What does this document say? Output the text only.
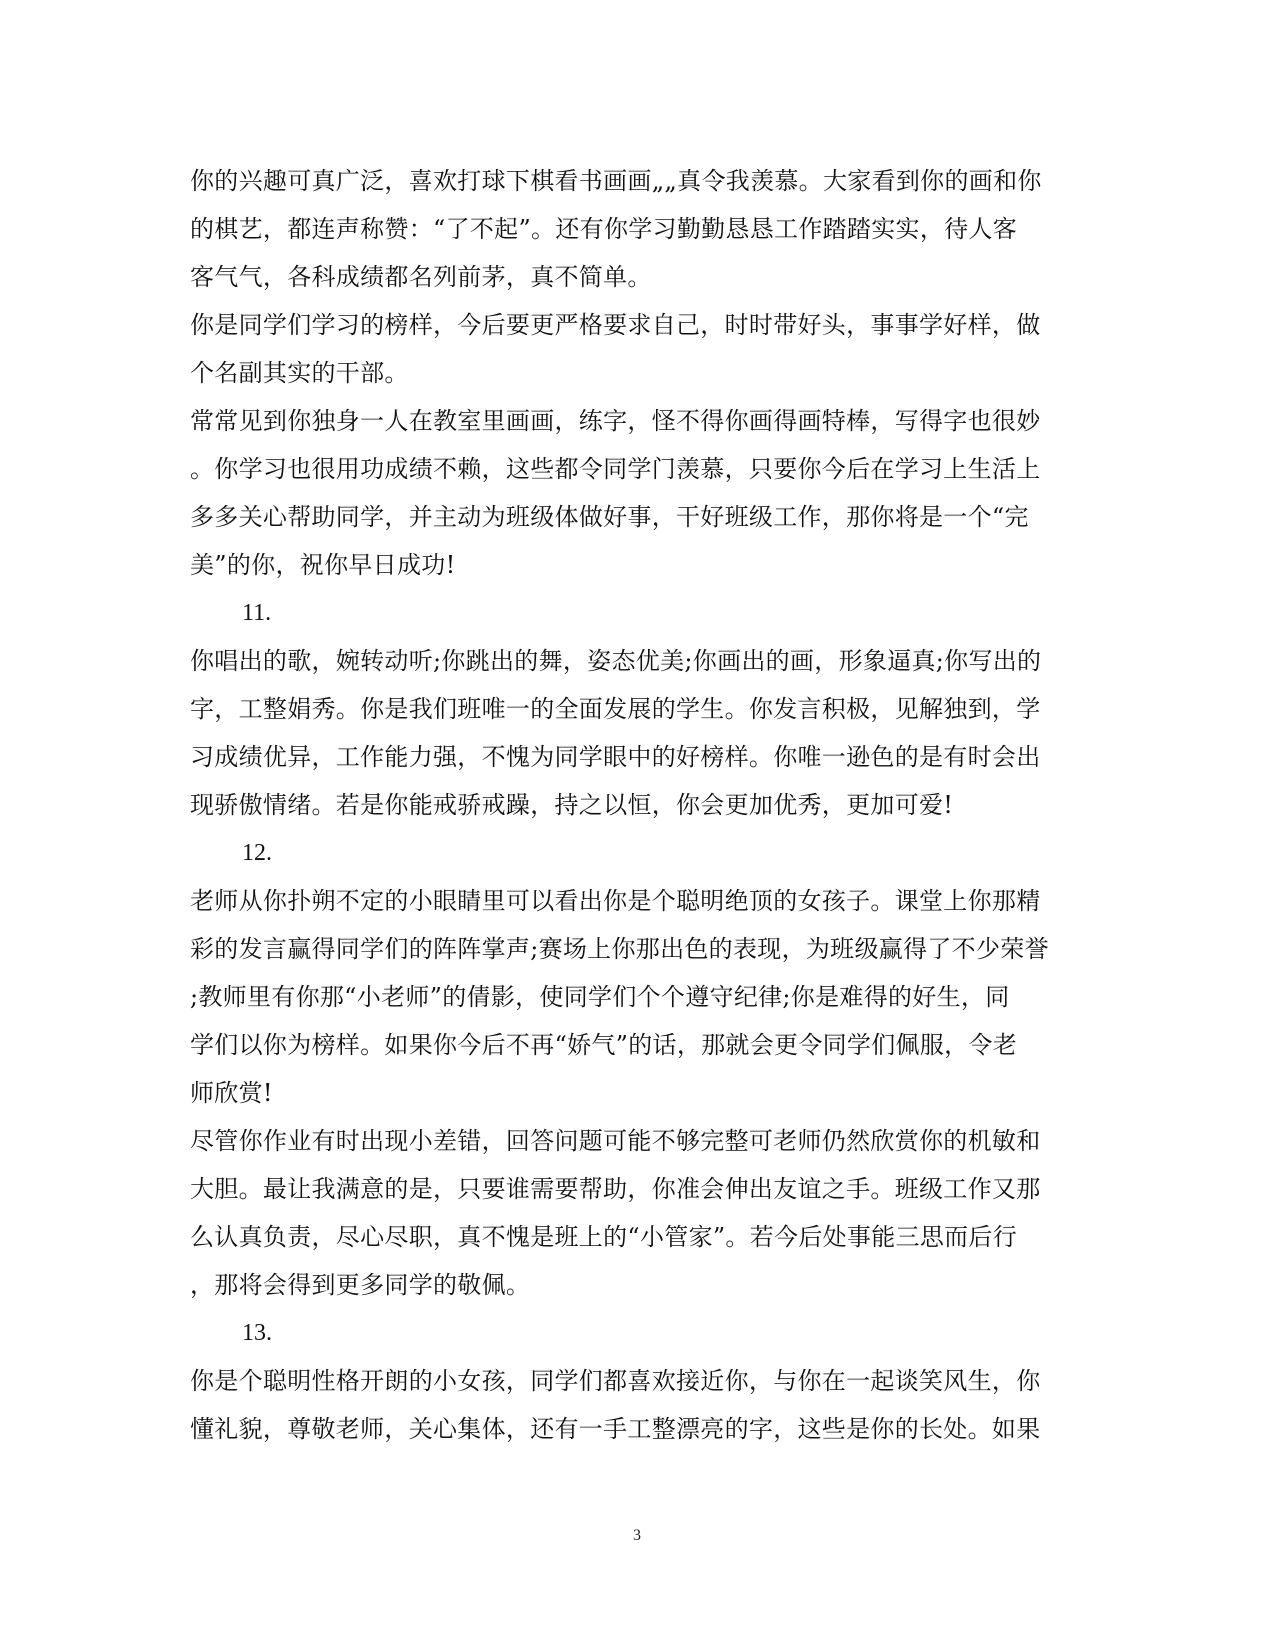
你的兴趣可真广泛，喜欢打球下棋看书画画„„真令我羡慕。大家看到你的画和你
的棋艺，都连声称赞：“了不起”。还有你学习勤勤恳恳工作踏踏实实，待人客
客气气，各科成绩都名列前茅，真不简单。
你是同学们学习的榜样，今后要更严格要求自己，时时带好头，事事学好样，做
个名副其实的干部。
常常见到你独身一人在教室里画画，练字，怪不得你画得画特棒，写得字也很妙
。你学习也很用功成绩不赖，这些都令同学门羡慕，只要你今后在学习上生活上
多多关心帮助同学，并主动为班级体做好事，干好班级工作，那你将是一个“完
美”的你，祝你早日成功!
11.
你唱出的歌，婉转动听;你跳出的舞，姿态优美;你画出的画，形象逼真;你写出的
字，工整娟秀。你是我们班唯一的全面发展的学生。你发言积极，见解独到，学
习成绩优异，工作能力强，不愧为同学眼中的好榜样。你唯一逊色的是有时会出
现骄傲情绪。若是你能戒骄戒躁，持之以恒，你会更加优秀，更加可爱!
12.
老师从你扑朔不定的小眼睛里可以看出你是个聪明绝顶的女孩子。课堂上你那精
彩的发言赢得同学们的阵阵掌声;赛场上你那出色的表现，为班级赢得了不少荣誉
;教师里有你那“小老师”的倩影，使同学们个个遵守纪律;你是难得的好生，同
学们以你为榜样。如果你今后不再“娇气”的话，那就会更令同学们佩服，令老
师欣赏!
尽管你作业有时出现小差错，回答问题可能不够完整可老师仍然欣赏你的机敏和
大胆。最让我满意的是，只要谁需要帮助，你准会伸出友谊之手。班级工作又那
么认真负责，尽心尽职，真不愧是班上的“小管家”。若今后处事能三思而后行
，那将会得到更多同学的敬佩。
13.
你是个聪明性格开朗的小女孩，同学们都喜欢接近你，与你在一起谈笑风生，你
懂礼貌，尊敬老师，关心集体，还有一手工整漂亮的字，这些是你的长处。如果
3
